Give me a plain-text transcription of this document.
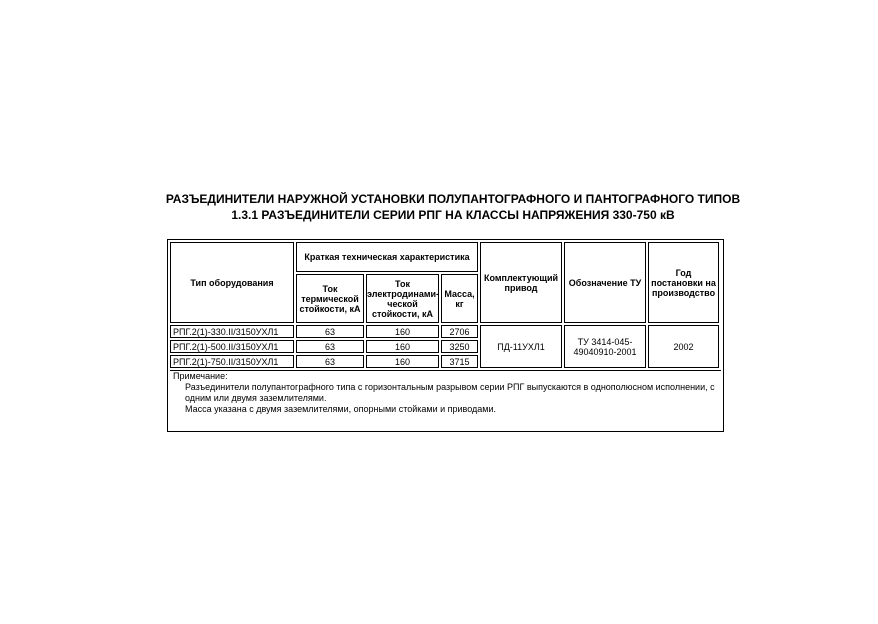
РАЗЪЕДИНИТЕЛИ НАРУЖНОЙ УСТАНОВКИ ПОЛУПАНТОГРАФНОГО И ПАНТОГРАФНОГО ТИПОВ
1.3.1 РАЗЪЕДИНИТЕЛИ СЕРИИ РПГ НА КЛАССЫ НАПРЯЖЕНИЯ 330-750 кВ
Тип оборудования	Краткая техническая характеристика			Комплектующий привод	Обозначение ТУ	Год постановки на производство
	Ток термической стойкости, кА	Ток электродинами-ческой стойкости, кА	Масса, кг			
РПГ.2(1)-330.II/3150УХЛ1	63	160	2706	ПД-11УХЛ1	ТУ 3414-045-49040910-2001	2002
РПГ.2(1)-500.II/3150УХЛ1	63	160	3250			
РПГ.2(1)-750.II/3150УХЛ1	63	160	3715			
Примечание:
Разъединители полупантографного типа с горизонтальным разрывом серии РПГ выпускаются в однополюсном исполнении, с одним или двумя заземлителями.
Масса указана с двумя заземлителями, опорными стойками и приводами.
